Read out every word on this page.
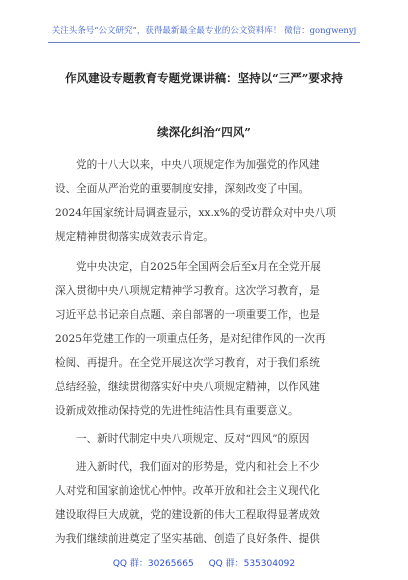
关注头条号“公文研究”，获得最新最全最专业的公文资料库！ 微信：gongwenyj
作风建设专题教育专题党课讲稿：坚持以“三严”要求持
续深化纠治“四风”
党的十八大以来，中央八项规定作为加强党的作风建
设、全面从严治党的重要制度安排，深刻改变了中国。
2024年国家统计局调查显示，xx.x%的受访群众对中央八项
规定精神贯彻落实成效表示肯定。
党中央决定，自2025年全国两会后至x月在全党开展
深入贯彻中央八项规定精神学习教育。这次学习教育，是
习近平总书记亲自点题、亲自部署的一项重要工作，也是
2025年党建工作的一项重点任务，是对纪律作风的一次再
检阅、再提升。在全党开展这次学习教育，对于我们系统
总结经验，继续贯彻落实好中央八项规定精神，以作风建
设新成效推动保持党的先进性纯洁性具有重要意义。
一、新时代制定中央八项规定、反对“四风”的原因
进入新时代，我们面对的形势是，党内和社会上不少
人对党和国家前途忧心忡忡。改革开放和社会主义现代化
建设取得巨大成就，党的建设新的伟大工程取得显著成效
为我们继续前进奠定了坚实基础、创造了良好条件、提供
QQ 群：30265665 QQ 群：535304092
